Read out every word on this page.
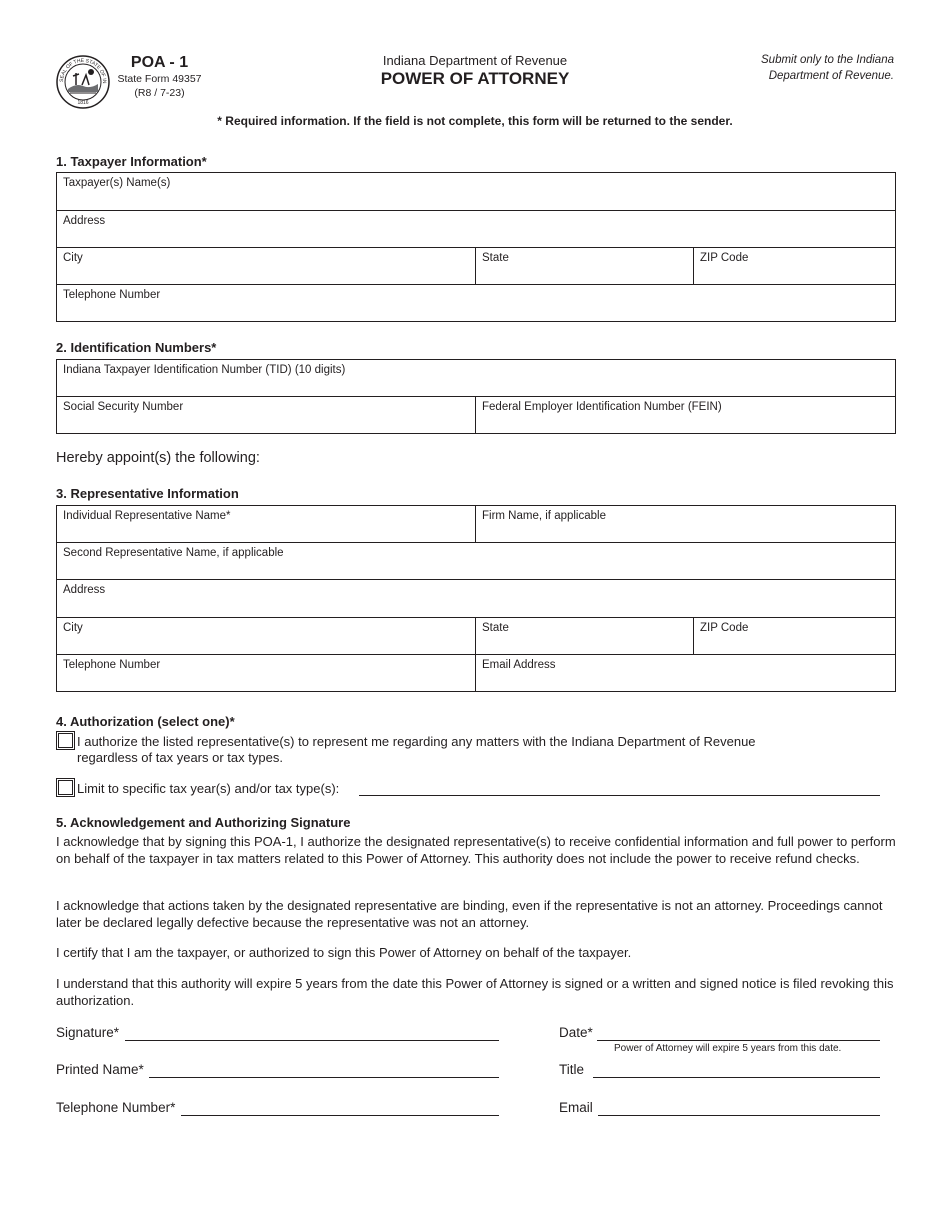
SEAL OF THE STATE OF IN
1816
POA - 1
State Form 49357
(R8 / 7-23)
Indiana Department of Revenue
POWER OF ATTORNEY
Submit only to the Indiana
Department of Revenue.
* Required information. If the field is not complete, this form will be returned to the sender.
1. Taxpayer Information*
Taxpayer(s) Name(s)
Address
City	State	ZIP Code
Telephone Number
2. Identification Numbers*
Indiana Taxpayer Identification Number (TID) (10 digits)
Social Security Number	Federal Employer Identification Number (FEIN)
Hereby appoint(s) the following:
3. Representative Information
Individual Representative Name*	Firm Name, if applicable	
Second Representative Name, if applicable		
Address		
City	State	ZIP Code
Telephone Number	Email Address	
4. Authorization (select one)*
I authorize the listed representative(s) to represent me regarding any matters with the Indiana Department of Revenue
regardless of tax years or tax types.
Limit to specific tax year(s) and/or tax type(s):
5. Acknowledgement and Authorizing Signature
I acknowledge that by signing this POA-1, I authorize the designated representative(s) to receive confidential information and full power to perform on behalf of the taxpayer in tax matters related to this Power of Attorney. This authority does not include the power to receive refund checks.
I acknowledge that actions taken by the designated representative are binding, even if the representative is not an attorney. Proceedings cannot later be declared legally defective because the representative was not an attorney.
I certify that I am the taxpayer, or authorized to sign this Power of Attorney on behalf of the taxpayer.
I understand that this authority will expire 5 years from the date this Power of Attorney is signed or a written and signed notice is filed revoking this authorization.
Signature*	Date*
Power of Attorney will expire 5 years from this date.
Printed Name*	Title
Telephone Number*	Email
